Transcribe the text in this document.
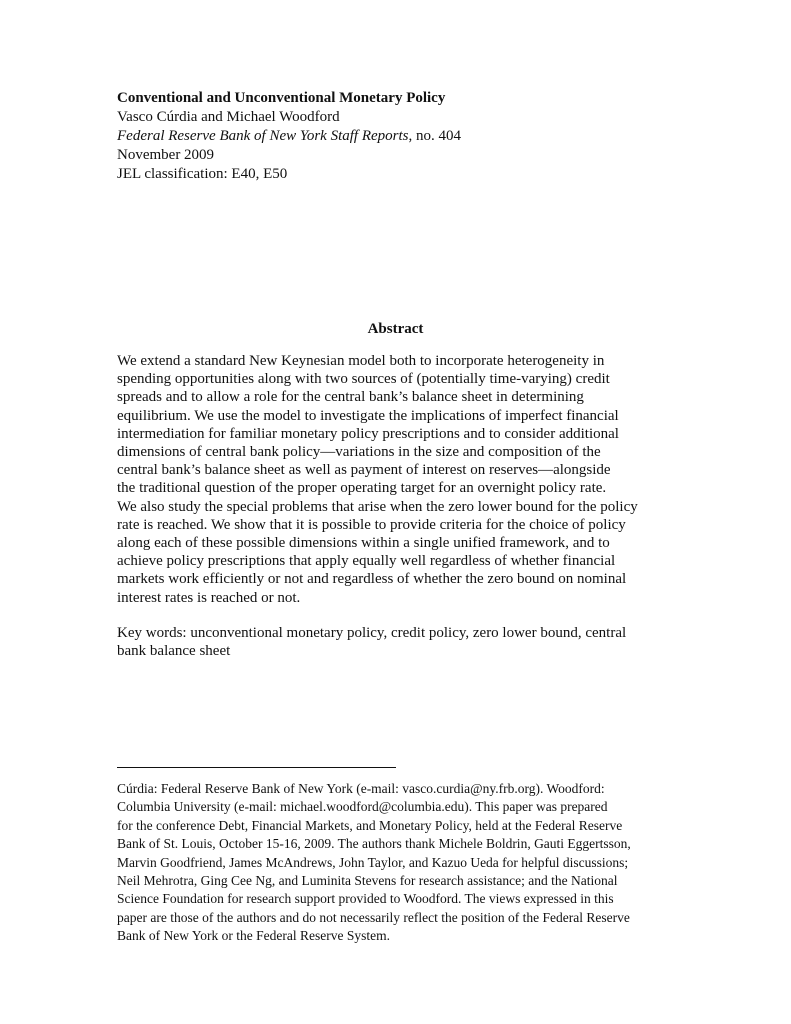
Conventional and Unconventional Monetary Policy
Vasco Cúrdia and Michael Woodford
Federal Reserve Bank of New York Staff Reports, no. 404
November 2009
JEL classification: E40, E50
Abstract
We extend a standard New Keynesian model both to incorporate heterogeneity in
spending opportunities along with two sources of (potentially time-varying) credit
spreads and to allow a role for the central bank’s balance sheet in determining
equilibrium. We use the model to investigate the implications of imperfect financial
intermediation for familiar monetary policy prescriptions and to consider additional
dimensions of central bank policy—variations in the size and composition of the
central bank’s balance sheet as well as payment of interest on reserves—alongside
the traditional question of the proper operating target for an overnight policy rate.
We also study the special problems that arise when the zero lower bound for the policy
rate is reached. We show that it is possible to provide criteria for the choice of policy
along each of these possible dimensions within a single unified framework, and to
achieve policy prescriptions that apply equally well regardless of whether financial
markets work efficiently or not and regardless of whether the zero bound on nominal
interest rates is reached or not.
Key words: unconventional monetary policy, credit policy, zero lower bound, central
bank balance sheet
Cúrdia: Federal Reserve Bank of New York (e-mail: vasco.curdia@ny.frb.org). Woodford:
Columbia University (e-mail: michael.woodford@columbia.edu). This paper was prepared
for the conference Debt, Financial Markets, and Monetary Policy, held at the Federal Reserve
Bank of St. Louis, October 15-16, 2009. The authors thank Michele Boldrin, Gauti Eggertsson,
Marvin Goodfriend, James McAndrews, John Taylor, and Kazuo Ueda for helpful discussions;
Neil Mehrotra, Ging Cee Ng, and Luminita Stevens for research assistance; and the National
Science Foundation for research support provided to Woodford. The views expressed in this
paper are those of the authors and do not necessarily reflect the position of the Federal Reserve
Bank of New York or the Federal Reserve System.
